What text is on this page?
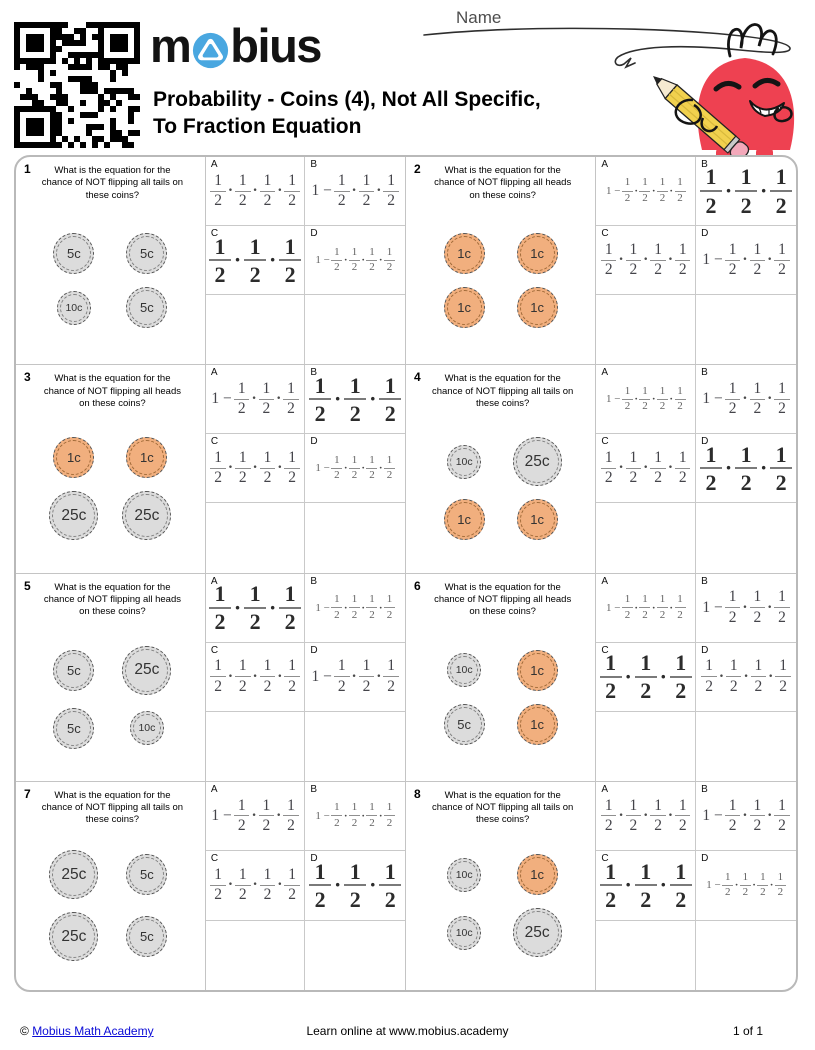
m bius
Probability - Coins (4), Not All Specific,
To Fraction Equation
Name
1	What is the equation for the chance of NOT flipping all tails on these coins?
5c	5c
10c	5c
A
$\frac{1}{2} \cdot \frac{1}{2} \cdot \frac{1}{2} \cdot \frac{1}{2}$
B
$1 - \frac{1}{2} \cdot \frac{1}{2} \cdot \frac{1}{2}$
C
$\frac{1}{2} \cdot \frac{1}{2} \cdot \frac{1}{2}$
D
$1 - \frac{1}{2} \cdot \frac{1}{2} \cdot \frac{1}{2} \cdot \frac{1}{2}$
2	What is the equation for the chance of NOT flipping all heads on these coins?
1c	1c
1c	1c
A
$1 - \frac{1}{2} \cdot \frac{1}{2} \cdot \frac{1}{2} \cdot \frac{1}{2}$
B
$\frac{1}{2} \cdot \frac{1}{2} \cdot \frac{1}{2}$
C
$\frac{1}{2} \cdot \frac{1}{2} \cdot \frac{1}{2} \cdot \frac{1}{2}$
D
$1 - \frac{1}{2} \cdot \frac{1}{2} \cdot \frac{1}{2}$
3	What is the equation for the chance of NOT flipping all heads on these coins?
1c	1c
25c	25c
A
$1 - \frac{1}{2} \cdot \frac{1}{2} \cdot \frac{1}{2}$
B
$\frac{1}{2} \cdot \frac{1}{2} \cdot \frac{1}{2}$
C
$\frac{1}{2} \cdot \frac{1}{2} \cdot \frac{1}{2} \cdot \frac{1}{2}$
D
$1 - \frac{1}{2} \cdot \frac{1}{2} \cdot \frac{1}{2} \cdot \frac{1}{2}$
4	What is the equation for the chance of NOT flipping all tails on these coins?
10c	25c
1c	1c
A
$1 - \frac{1}{2} \cdot \frac{1}{2} \cdot \frac{1}{2} \cdot \frac{1}{2}$
B
$1 - \frac{1}{2} \cdot \frac{1}{2} \cdot \frac{1}{2}$
C
$\frac{1}{2} \cdot \frac{1}{2} \cdot \frac{1}{2} \cdot \frac{1}{2}$
D
$\frac{1}{2} \cdot \frac{1}{2} \cdot \frac{1}{2}$
5	What is the equation for the chance of NOT flipping all heads on these coins?
5c	25c
5c	10c
A
$\frac{1}{2} \cdot \frac{1}{2} \cdot \frac{1}{2}$
B
$1 - \frac{1}{2} \cdot \frac{1}{2} \cdot \frac{1}{2} \cdot \frac{1}{2}$
C
$\frac{1}{2} \cdot \frac{1}{2} \cdot \frac{1}{2} \cdot \frac{1}{2}$
D
$1 - \frac{1}{2} \cdot \frac{1}{2} \cdot \frac{1}{2}$
6	What is the equation for the chance of NOT flipping all heads on these coins?
10c	1c
5c	1c
A
$1 - \frac{1}{2} \cdot \frac{1}{2} \cdot \frac{1}{2} \cdot \frac{1}{2}$
B
$1 - \frac{1}{2} \cdot \frac{1}{2} \cdot \frac{1}{2}$
C
$\frac{1}{2} \cdot \frac{1}{2} \cdot \frac{1}{2}$
D
$\frac{1}{2} \cdot \frac{1}{2} \cdot \frac{1}{2} \cdot \frac{1}{2}$
7	What is the equation for the chance of NOT flipping all tails on these coins?
25c	5c
25c	5c
A
$1 - \frac{1}{2} \cdot \frac{1}{2} \cdot \frac{1}{2}$
B
$1 - \frac{1}{2} \cdot \frac{1}{2} \cdot \frac{1}{2} \cdot \frac{1}{2}$
C
$\frac{1}{2} \cdot \frac{1}{2} \cdot \frac{1}{2} \cdot \frac{1}{2}$
D
$\frac{1}{2} \cdot \frac{1}{2} \cdot \frac{1}{2}$
8	What is the equation for the chance of NOT flipping all tails on these coins?
10c	1c
10c	25c
A
$\frac{1}{2} \cdot \frac{1}{2} \cdot \frac{1}{2} \cdot \frac{1}{2}$
B
$1 - \frac{1}{2} \cdot \frac{1}{2} \cdot \frac{1}{2}$
C
$\frac{1}{2} \cdot \frac{1}{2} \cdot \frac{1}{2}$
D
$1 - \frac{1}{2} \cdot \frac{1}{2} \cdot \frac{1}{2} \cdot \frac{1}{2}$
Learn online at www.mobius.academy
© Mobius Math Academy	1 of 1
